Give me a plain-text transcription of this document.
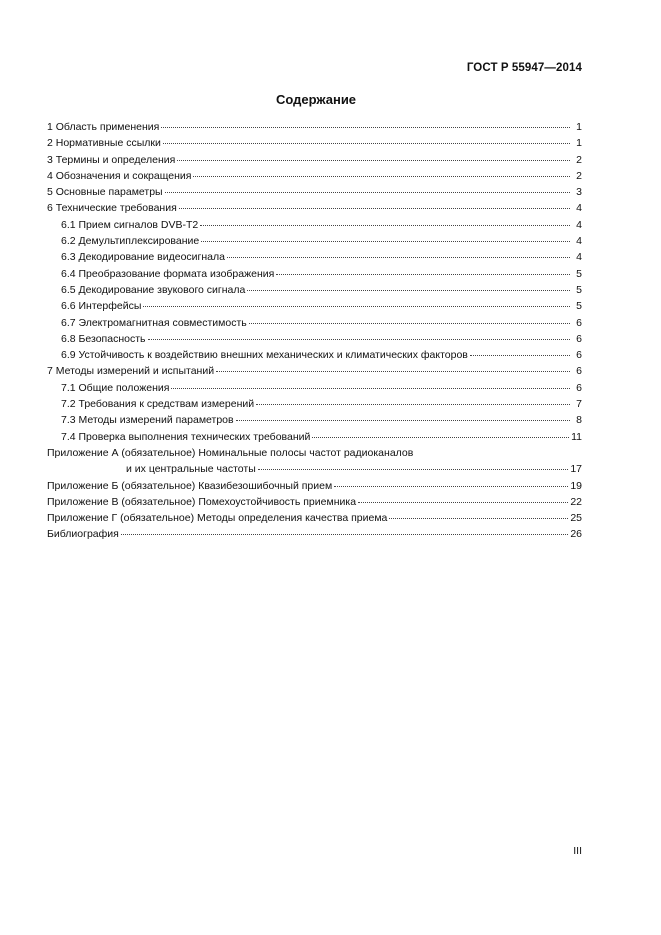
ГОСТ Р 55947—2014
Содержание
1 Область применения	1
2 Нормативные ссылки	1
3 Термины и определения	2
4 Обозначения и сокращения	2
5 Основные параметры	3
6 Технические требования	4
6.1 Прием сигналов DVB-T2	4
6.2 Демультиплексирование	4
6.3 Декодирование видеосигнала	4
6.4 Преобразование формата изображения	5
6.5 Декодирование звукового сигнала	5
6.6 Интерфейсы	5
6.7 Электромагнитная совместимость	6
6.8 Безопасность	6
6.9 Устойчивость к воздействию внешних механических и климатических факторов	6
7 Методы измерений и испытаний	6
7.1 Общие положения	6
7.2 Требования к средствам измерений	7
7.3 Методы измерений параметров	8
7.4 Проверка выполнения технических требований	11
Приложение А (обязательное) Номинальные полосы частот радиоканалов
и их центральные частоты	17
Приложение Б (обязательное) Квазибезошибочный прием	19
Приложение В (обязательное) Помехоустойчивость приемника	22
Приложение Г (обязательное) Методы определения качества приема	25
Библиография	26
III
